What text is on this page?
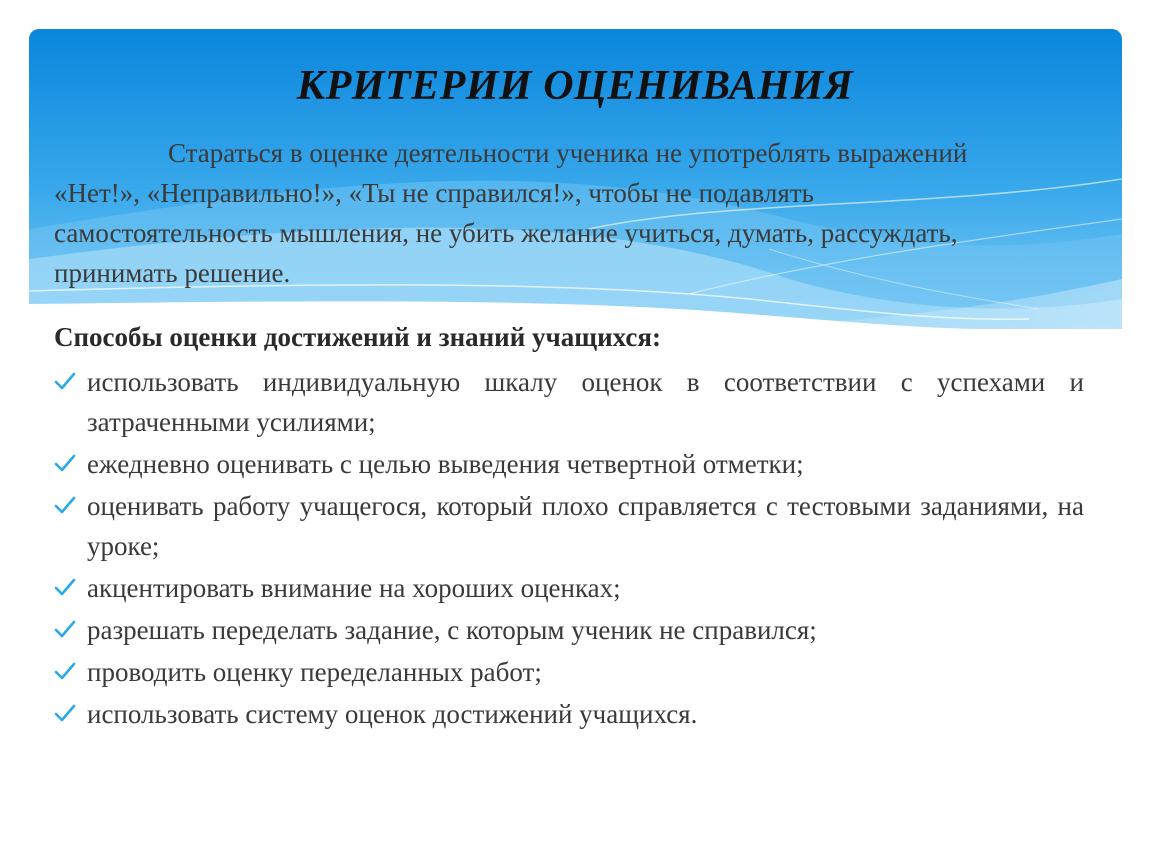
КРИТЕРИИ ОЦЕНИВАНИЯ

Стараться в оценке деятельности ученика не употреблять выражений «Нет!», «Неправильно!», «Ты не справился!», чтобы не подавлять самостоятельность мышления, не убить желание учиться, думать, рассуждать, принимать решение.

Способы оценки достижений и знаний учащихся:

использовать индивидуальную шкалу оценок в соответствии с успехами и затраченными усилиями;
ежедневно оценивать с целью выведения четвертной отметки;
оценивать работу учащегося, который плохо справляется с тестовыми заданиями, на уроке;
акцентировать внимание на хороших оценках;
разрешать переделать задание, с которым ученик не справился;
проводить оценку переделанных работ;
использовать систему оценок достижений учащихся.
